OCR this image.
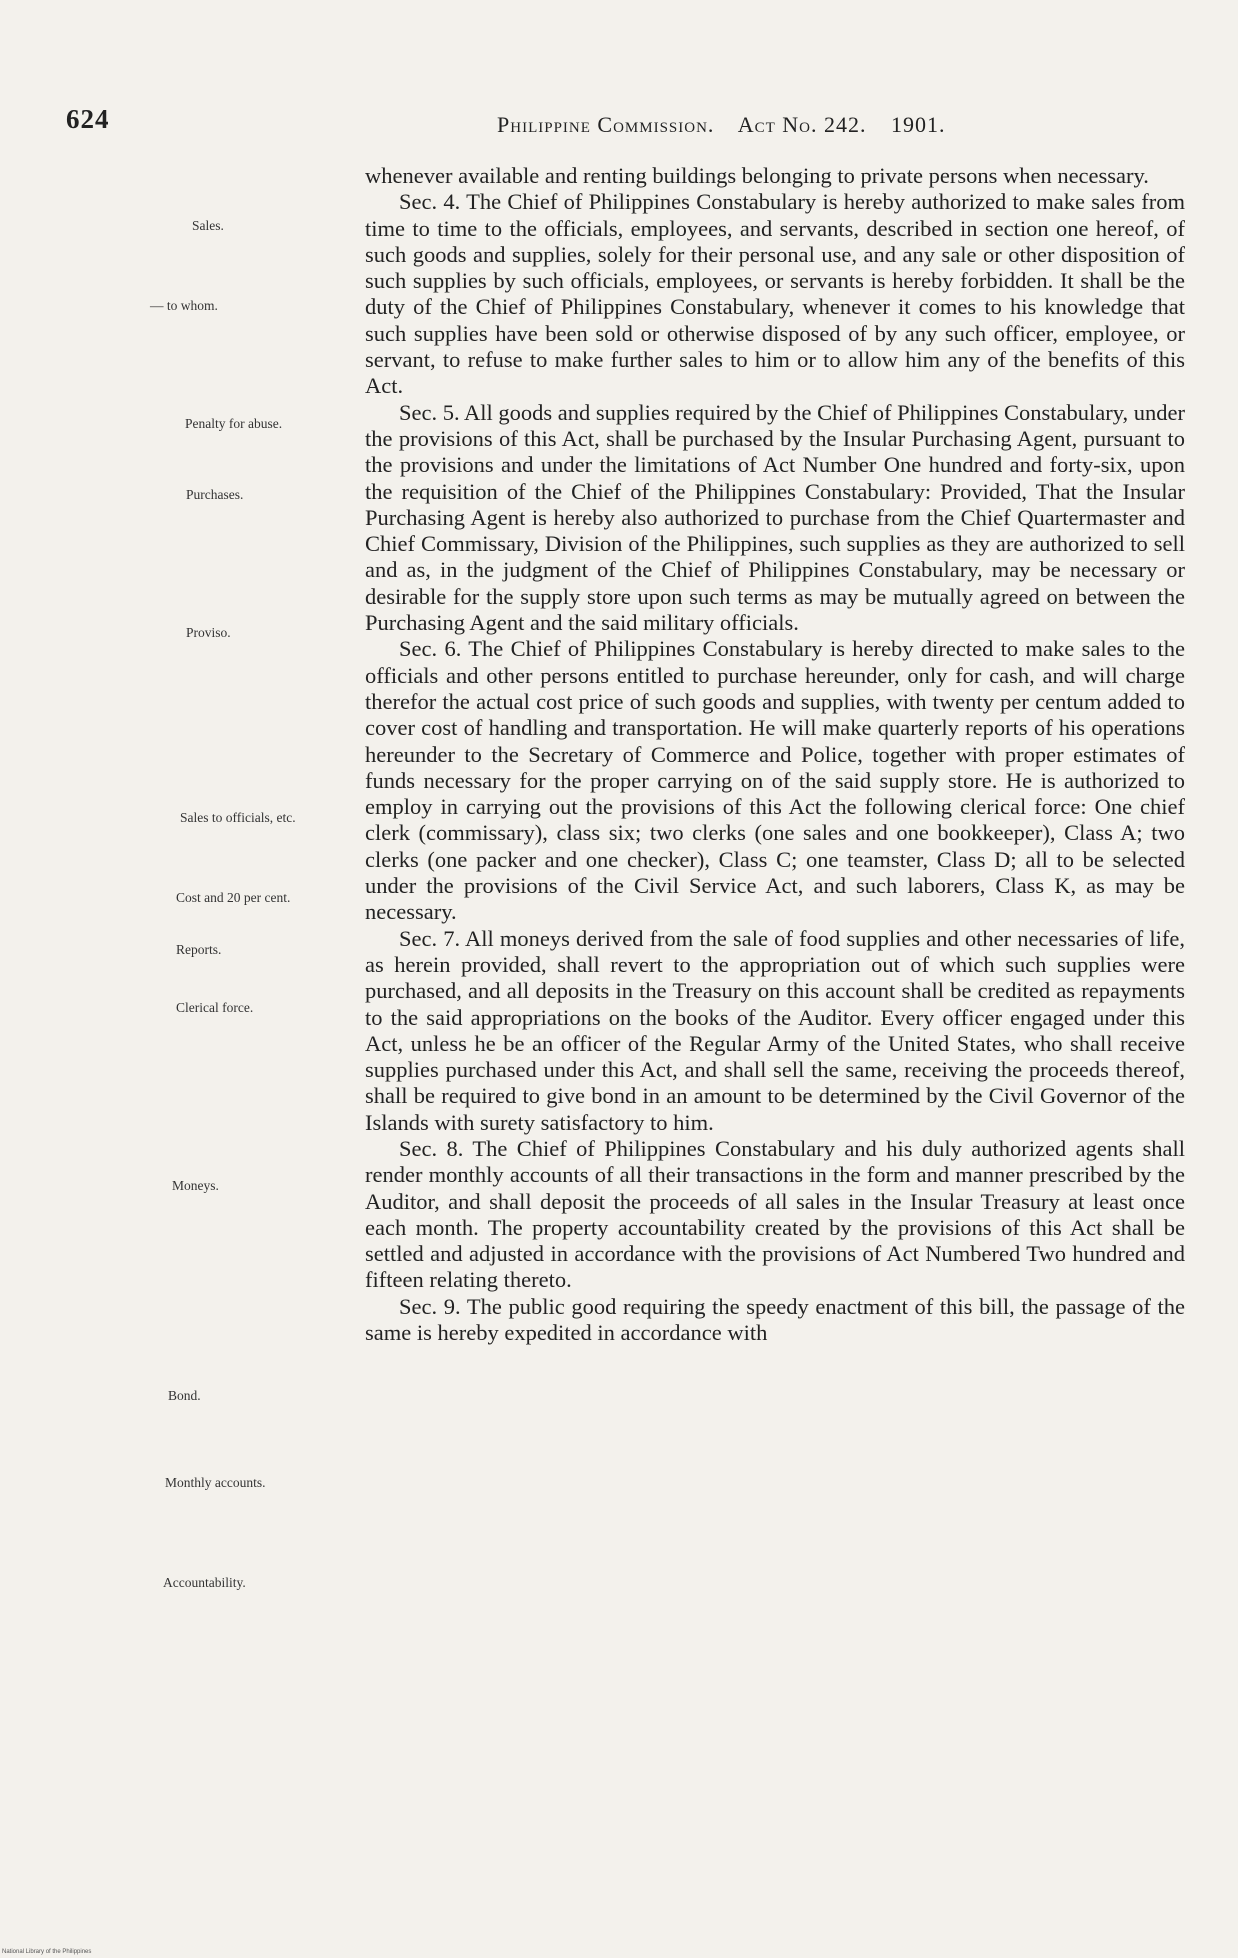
624	Philippine Commission. Act No. 242. 1901.
Sales.
— to whom.
Penalty for abuse.
Purchases.
Proviso.
Sales to officials, etc.
Cost and 20 per cent.
Reports.
Clerical force.
Moneys.
Bond.
Monthly accounts.
Accountability.

whenever available and renting buildings belonging to private persons when necessary.

Sec. 4. The Chief of Philippines Constabulary is hereby authorized to make sales from time to time to the officials, employees, and servants, described in section one hereof, of such goods and supplies, solely for their personal use, and any sale or other disposition of such supplies by such officials, employees, or servants is hereby forbidden. It shall be the duty of the Chief of Philippines Constabulary, whenever it comes to his knowledge that such supplies have been sold or otherwise disposed of by any such officer, employee, or servant, to refuse to make further sales to him or to allow him any of the benefits of this Act.

Sec. 5. All goods and supplies required by the Chief of Philippines Constabulary, under the provisions of this Act, shall be purchased by the Insular Purchasing Agent, pursuant to the provisions and under the limitations of Act Number One hundred and forty-six, upon the requisition of the Chief of the Philippines Constabulary: Provided, That the Insular Purchasing Agent is hereby also authorized to purchase from the Chief Quartermaster and Chief Commissary, Division of the Philippines, such supplies as they are authorized to sell and as, in the judgment of the Chief of Philippines Constabulary, may be necessary or desirable for the supply store upon such terms as may be mutually agreed on between the Purchasing Agent and the said military officials.

Sec. 6. The Chief of Philippines Constabulary is hereby directed to make sales to the officials and other persons entitled to purchase hereunder, only for cash, and will charge therefor the actual cost price of such goods and supplies, with twenty per centum added to cover cost of handling and transportation. He will make quarterly reports of his operations hereunder to the Secretary of Commerce and Police, together with proper estimates of funds necessary for the proper carrying on of the said supply store. He is authorized to employ in carrying out the provisions of this Act the following clerical force: One chief clerk (commissary), class six; two clerks (one sales and one bookkeeper), Class A; two clerks (one packer and one checker), Class C; one teamster, Class D; all to be selected under the provisions of the Civil Service Act, and such laborers, Class K, as may be necessary.

Sec. 7. All moneys derived from the sale of food supplies and other necessaries of life, as herein provided, shall revert to the appropriation out of which such supplies were purchased, and all deposits in the Treasury on this account shall be credited as repayments to the said appropriations on the books of the Auditor. Every officer engaged under this Act, unless he be an officer of the Regular Army of the United States, who shall receive supplies purchased under this Act, and shall sell the same, receiving the proceeds thereof, shall be required to give bond in an amount to be determined by the Civil Governor of the Islands with surety satisfactory to him.

Sec. 8. The Chief of Philippines Constabulary and his duly authorized agents shall render monthly accounts of all their transactions in the form and manner prescribed by the Auditor, and shall deposit the proceeds of all sales in the Insular Treasury at least once each month. The property accountability created by the provisions of this Act shall be settled and adjusted in accordance with the provisions of Act Numbered Two hundred and fifteen relating thereto.

Sec. 9. The public good requiring the speedy enactment of this bill, the passage of the same is hereby expedited in accordance with

National Library of the Philippines
